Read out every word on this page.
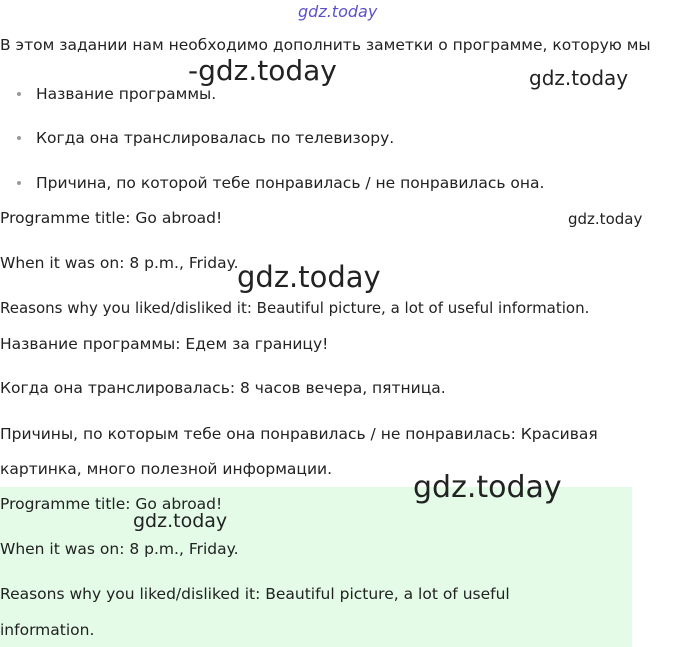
gdz.today
В этом задании нам необходимо дополнить заметки о программе, которую мы
Название программы.
Когда она транслировалась по телевизору.
Причина, по которой тебе понравилась / не понравилась она.
Programme title: Go abroad!
When it was on: 8 p.m., Friday.
Reasons why you liked/disliked it: Beautiful picture, a lot of useful information.
Название программы: Едем за границу!
Когда она транслировалась: 8 часов вечера, пятница.
Причины, по которым тебе она понравилась / не понравилась: Красивая
картинка, много полезной информации.
Programme title: Go abroad!
When it was on: 8 p.m., Friday.
Reasons why you liked/disliked it: Beautiful picture, a lot of useful
information.
-gdz.today	gdz.today
gdz.today
gdz.today
gdz.today
gdz.today
